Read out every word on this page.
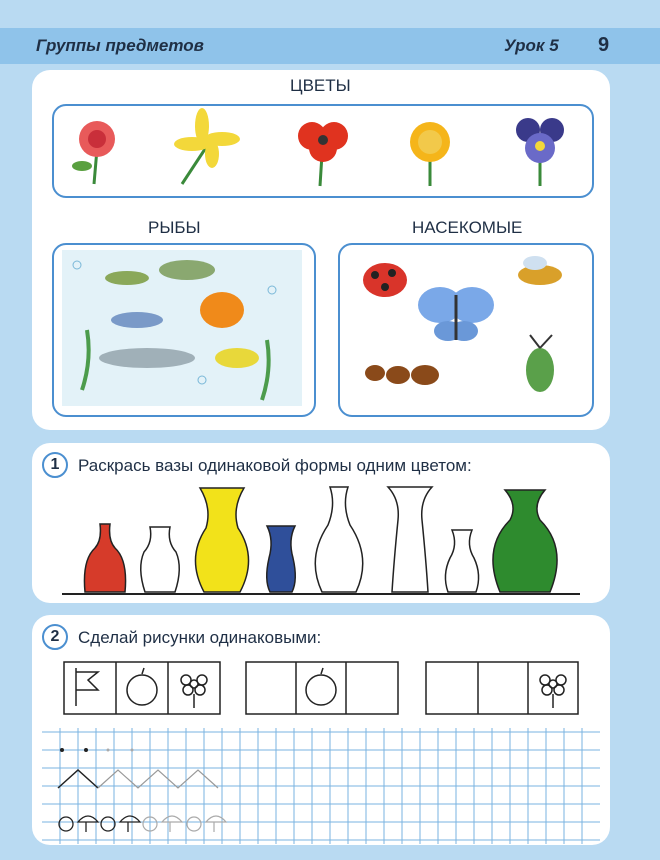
Группы предметов	Урок 5 9
ЦВЕТЫ
РЫБЫ	НАСЕКОМЫЕ
1	Раскрась вазы одинаковой формы одним цветом:
2	Сделай рисунки одинаковыми:
